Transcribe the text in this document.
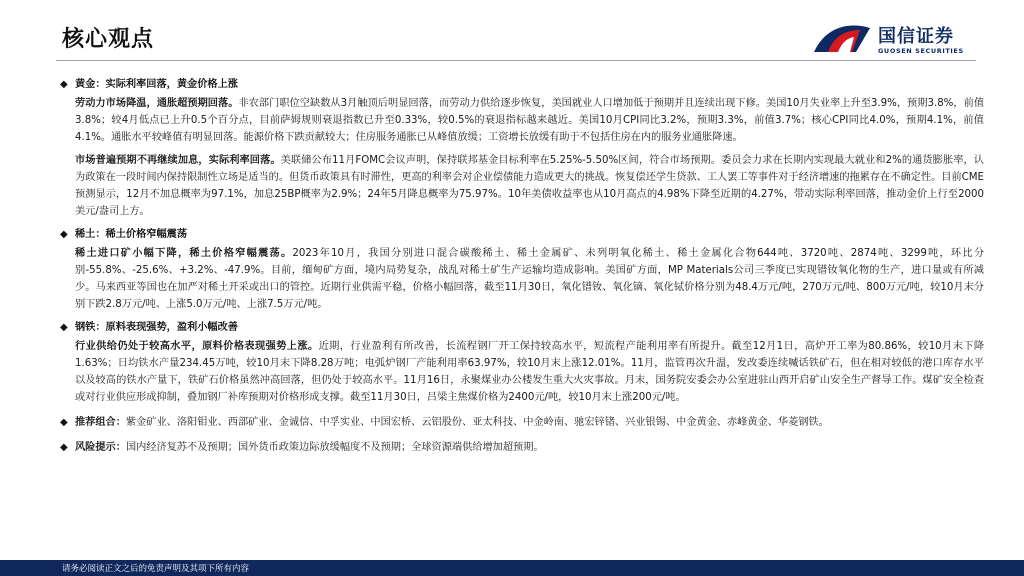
核心观点	国信证券
GUOSEN SECURITIES
◆ 黄金：实际利率回落，黄金价格上涨
劳动力市场降温，通胀超预期回落。非农部门职位空缺数从3月触顶后明显回落，而劳动力供给逐步恢复，美国就业人口增加低于预期并且连续出现下修。美国10月失业率上升至3.9%，预期3.8%，前值3.8%；较4月低点已上升0.5个百分点，目前萨姆规则衰退指数已升至0.33%，较0.5%的衰退指标越来越近。美国10月CPI同比3.2%，预期3.3%，前值3.7%；核心CPI同比4.0%，预期4.1%，前值4.1%。通胀水平较峰值有明显回落。能源价格下跌贡献较大；住房服务通胀已从峰值放缓；工资增长放缓有助于不包括住房在内的服务业通胀降速。
市场普遍预期不再继续加息，实际利率回落。美联储公布11月FOMC会议声明，保持联邦基金目标利率在5.25%-5.50%区间，符合市场预期。委员会力求在长期内实现最大就业和2%的通货膨胀率，认为政策在一段时间内保持限制性立场是适当的。但货币政策具有时滞性，更高的利率会对企业偿债能力造成更大的挑战。恢复偿还学生贷款、工人罢工等事件对于经济增速的拖累存在不确定性。目前CME预测显示，12月不加息概率为97.1%，加息25BP概率为2.9%；24年5月降息概率为75.97%。10年美债收益率也从10月高点的4.98%下降至近期的4.27%，带动实际利率回落，推动金价上行至2000美元/盎司上方。
◆ 稀土：稀土价格窄幅震荡
稀土进口矿小幅下降，稀土价格窄幅震荡。2023年10月，我国分别进口混合碳酸稀土、稀土金属矿、未列明氧化稀土、稀土金属化合物644吨、3720吨、2874吨、3299吨，环比分别-55.8%、-25.6%、+3.2%、-47.9%。目前，缅甸矿方面，境内局势复杂，战乱对稀土矿生产运输均造成影响。美国矿方面，MP Materials公司三季度已实现镨钕氧化物的生产，进口量或有所减少。马来西亚等国也在加严对稀土开采或出口的管控。近期行业供需平稳，价格小幅回落，截至11月30日，氧化镨钕、氧化镝、氧化铽价格分别为48.4万元/吨，270万元/吨、800万元/吨，较10月末分别下跌2.8万元/吨、上涨5.0万元/吨、上涨7.5万元/吨。
◆ 钢铁：原料表现强势，盈利小幅改善
行业供给仍处于较高水平，原料价格表现强势上涨。近期，行业盈利有所改善，长流程钢厂开工保持较高水平，短流程产能利用率有所提升。截至12月1日，高炉开工率为80.86%，较10月末下降1.63%；日均铁水产量234.45万吨，较10月末下降8.28万吨；电弧炉钢厂产能利用率63.97%，较10月末上涨12.01%。11月，监管再次升温，发改委连续喊话铁矿石，但在相对较低的港口库存水平以及较高的铁水产量下，铁矿石价格虽然冲高回落，但仍处于较高水平。11月16日，永聚煤业办公楼发生重大火灾事故。月末，国务院安委会办公室进驻山西开启矿山安全生产督导工作。煤矿安全检查或对行业供应形成抑制，叠加钢厂补库预期对价格形成支撑。截至11月30日，吕梁主焦煤价格为2400元/吨，较10月末上涨200元/吨。
◆ 推荐组合：紫金矿业、洛阳钼业、西部矿业、金诚信、中孚实业、中国宏桥、云铝股份、亚太科技、中金岭南、驰宏锌锗、兴业银锡、中金黄金、赤峰黄金、华菱钢铁。
◆ 风险提示：国内经济复苏不及预期；国外货币政策边际放缓幅度不及预期；全球资源端供给增加超预期。
请务必阅读正文之后的免责声明及其项下所有内容
